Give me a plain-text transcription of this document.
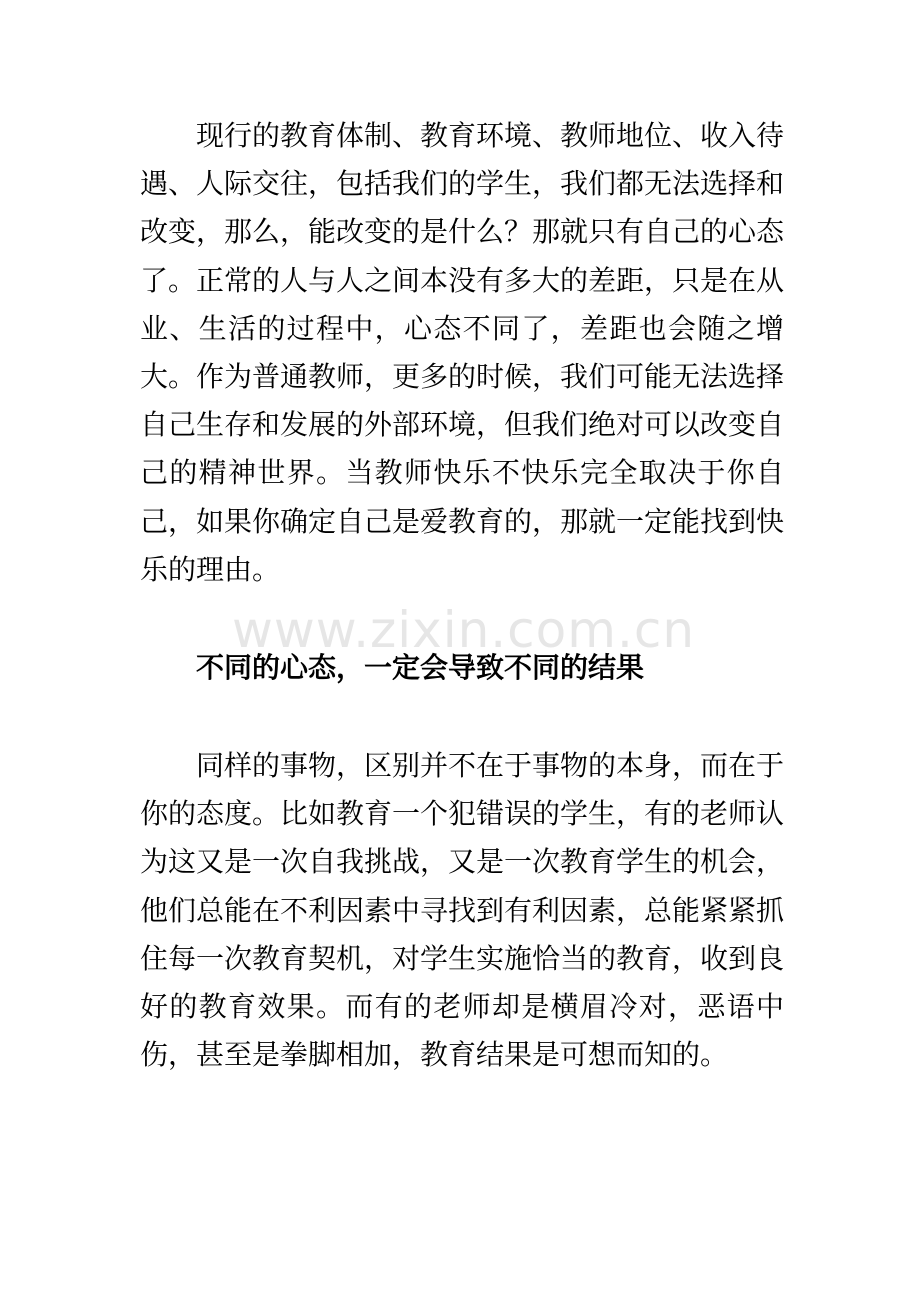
现行的教育体制、教育环境、教师地位、收入待遇、人际交往，包括我们的学生，我们都无法选择和改变，那么，能改变的是什么？那就只有自己的心态了。正常的人与人之间本没有多大的差距，只是在从业、生活的过程中，心态不同了，差距也会随之增大。作为普通教师，更多的时候，我们可能无法选择自己生存和发展的外部环境，但我们绝对可以改变自己的精神世界。当教师快乐不快乐完全取决于你自己，如果你确定自己是爱教育的，那就一定能找到快乐的理由。

不同的心态，一定会导致不同的结果

同样的事物，区别并不在于事物的本身，而在于你的态度。比如教育一个犯错误的学生，有的老师认为这又是一次自我挑战，又是一次教育学生的机会，他们总能在不利因素中寻找到有利因素，总能紧紧抓住每一次教育契机，对学生实施恰当的教育，收到良好的教育效果。而有的老师却是横眉冷对，恶语中伤，甚至是拳脚相加，教育结果是可想而知的。

www.zixin.com.cn
